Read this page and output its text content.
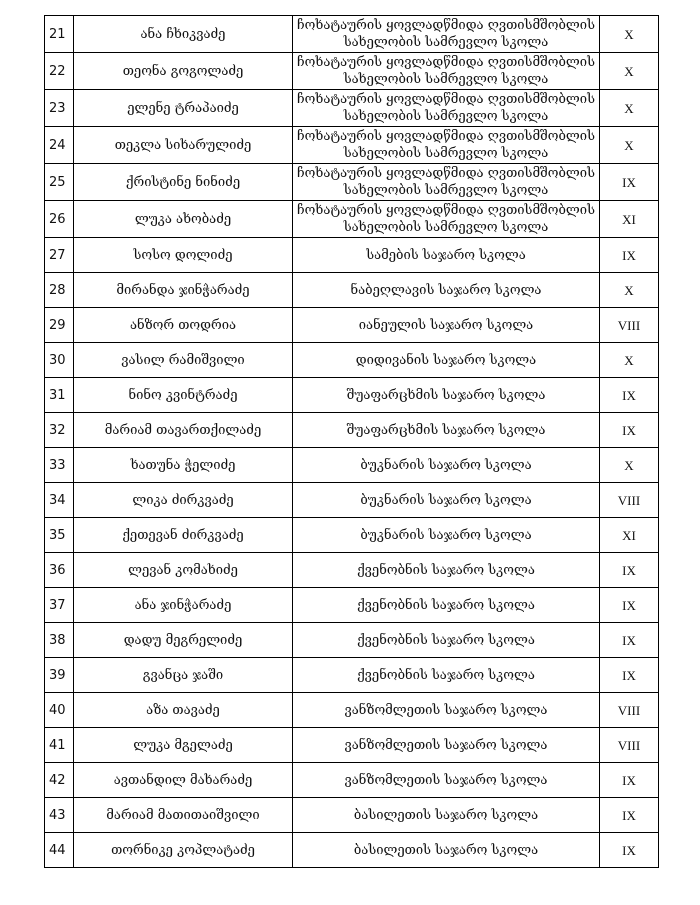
21	ანა ჩხიკვაძე	ჩოხატაურის ყოვლადწმიდა ღვთისმშობლის სახელობის სამრევლო სკოლა	X
22	თეონა გოგოლაძე	ჩოხატაურის ყოვლადწმიდა ღვთისმშობლის სახელობის სამრევლო სკოლა	X
23	ელენე ტრაპაიძე	ჩოხატაურის ყოვლადწმიდა ღვთისმშობლის სახელობის სამრევლო სკოლა	X
24	თეკლა სიხარულიძე	ჩოხატაურის ყოვლადწმიდა ღვთისმშობლის სახელობის სამრევლო სკოლა	X
25	ქრისტინე ნინიძე	ჩოხატაურის ყოვლადწმიდა ღვთისმშობლის სახელობის სამრევლო სკოლა	IX
26	ლუკა ახობაძე	ჩოხატაურის ყოვლადწმიდა ღვთისმშობლის სახელობის სამრევლო სკოლა	XI
27	სოსო დოლიძე	სამების საჯარო სკოლა	IX
28	მირანდა ჯინჭარაძე	ნაბეღლავის საჯარო სკოლა	X
29	ანზორ თოდრია	იანეულის საჯარო სკოლა	VIII
30	ვასილ რამიშვილი	დიდივანის საჯარო სკოლა	X
31	ნინო კვინტრაძე	შუაფარცხმის საჯარო სკოლა	IX
32	მარიამ თავართქილაძე	შუაფარცხმის საჯარო სკოლა	IX
33	ხათუნა ჭელიძე	ბუკნარის საჯარო სკოლა	X
34	ლიკა ძირკვაძე	ბუკნარის საჯარო სკოლა	VIII
35	ქეთევან ძირკვაძე	ბუკნარის საჯარო სკოლა	XI
36	ლევან კომახიძე	ქვენობნის საჯარო სკოლა	IX
37	ანა ჯინჭარაძე	ქვენობნის საჯარო სკოლა	IX
38	დადუ მეგრელიძე	ქვენობნის საჯარო სკოლა	IX
39	გვანცა ჯაში	ქვენობნის საჯარო სკოლა	IX
40	აზა თავაძე	ვანზომლეთის საჯარო სკოლა	VIII
41	ლუკა მგელაძე	ვანზომლეთის საჯარო სკოლა	VIII
42	ავთანდილ მახარაძე	ვანზომლეთის საჯარო სკოლა	IX
43	მარიამ მათითაიშვილი	ბასილეთის საჯარო სკოლა	IX
44	თორნიკე კოპლატაძე	ბასილეთის საჯარო სკოლა	IX
